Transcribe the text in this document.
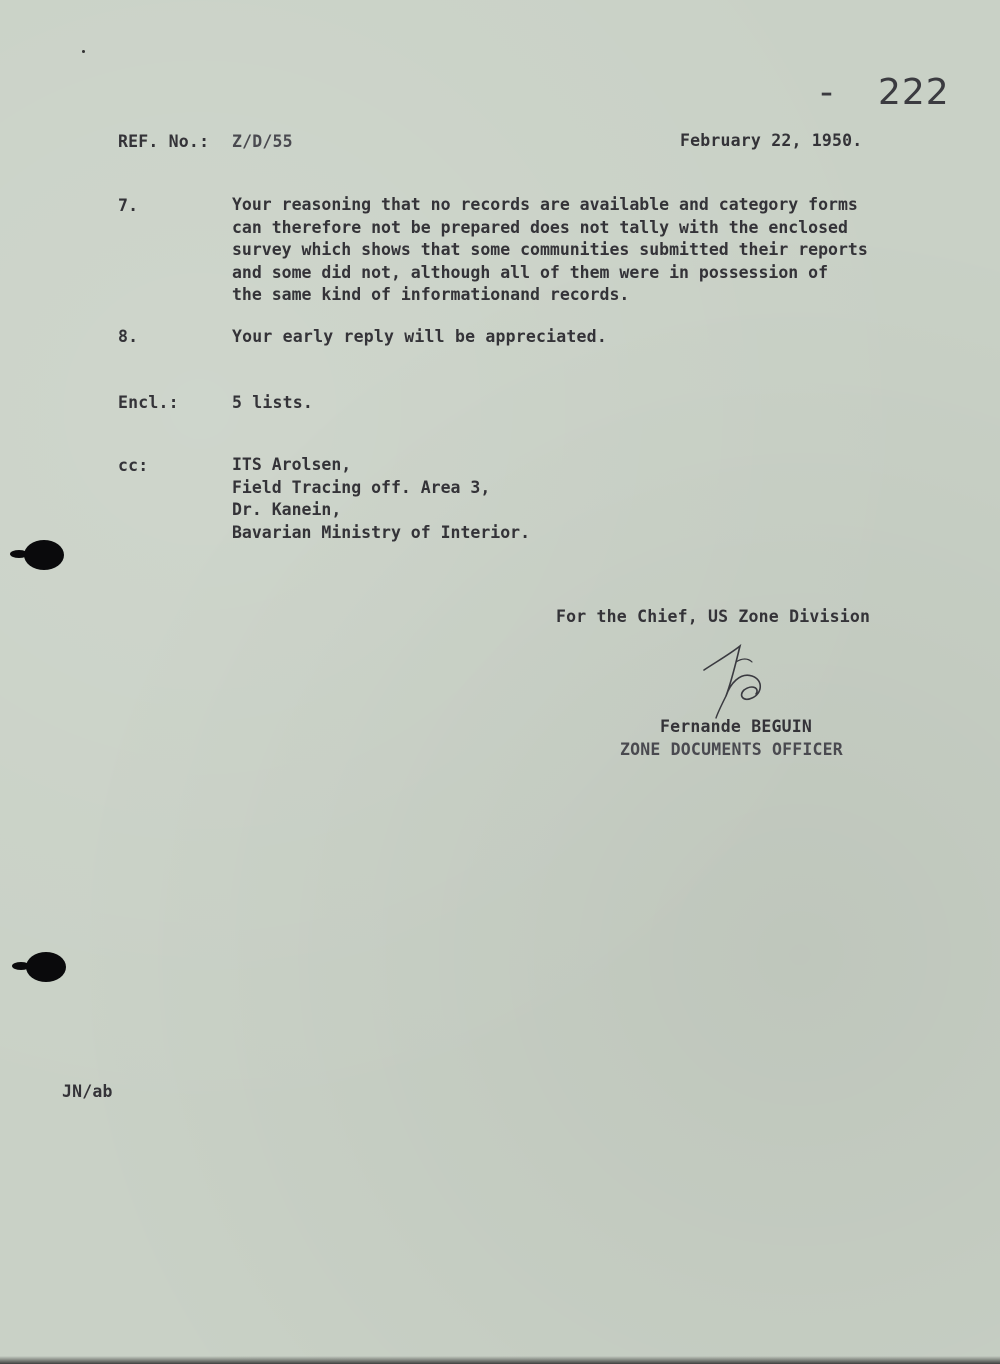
- 222
REF. No.: Z/D/55	February 22, 1950.
7.	Your reasoning that no records are available and category forms
can therefore not be prepared does not tally with the enclosed
survey which shows that some communities submitted their reports
and some did not, although all of them were in possession of
the same kind of informationand records.
8.	Your early reply will be appreciated.
Encl.:	5 lists.
cc:	ITS Arolsen,
Field Tracing off. Area 3,
Dr. Kanein,
Bavarian Ministry of Interior.
For the Chief, US Zone Division
Fernande BEGUIN
ZONE DOCUMENTS OFFICER
JN/ab
